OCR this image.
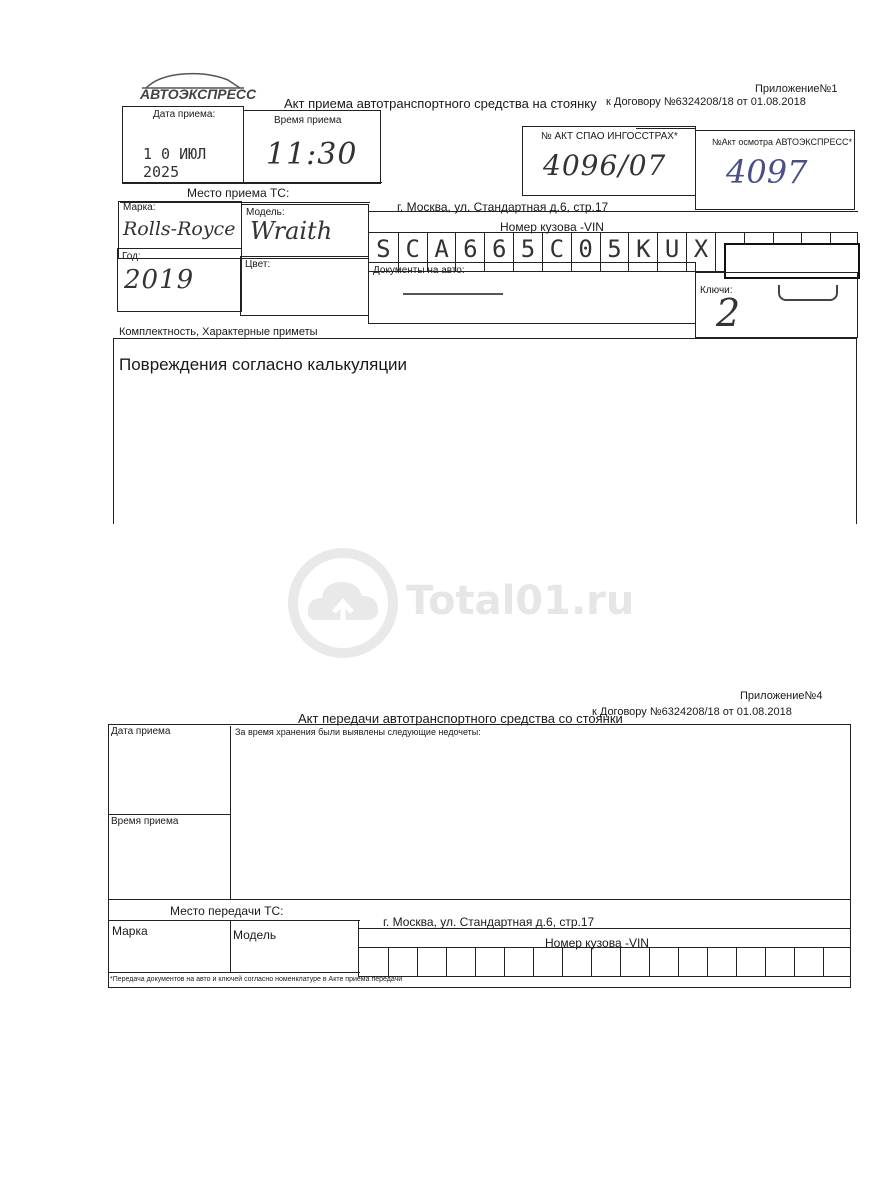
АВТОЭКСПРЕСС	Приложение№1
к Договору №6324208/18 от 01.08.2018
Акт приема автотранспортного средства на стоянку
Дата приема:
1 0 ИЮЛ 2025
Время приема
11:30
№ АКТ СПАО ИНГОССТРАХ*
4096/07
№Акт осмотра АВТОЭКСПРЕСС*
4097
Место приема ТС:
г. Москва, ул. Стандартная д.6, стр.17
Марка:
Rolls-Royce
Модель:
Wraith	Номер кузова -VIN
S C A 6 6 5 C 0 5 K U X
Год:
2019
Цвет:
Документы на авто:
Ключи:
2
Комплектность, Характерные приметы
Повреждения согласно калькуляции
Total01.ru
Приложение№4
к Договору №6324208/18 от 01.08.2018
Акт передачи автотранспортного средства со стоянки
Дата приема	За время хранения были выявлены следующие недочеты:
Время приема
Место передачи ТС:
г. Москва, ул. Стандартная д.6, стр.17
Марка	Модель
Номер кузова -VIN
*Передача документов на авто и ключей согласно номенклатуре в Акте приема передачи
